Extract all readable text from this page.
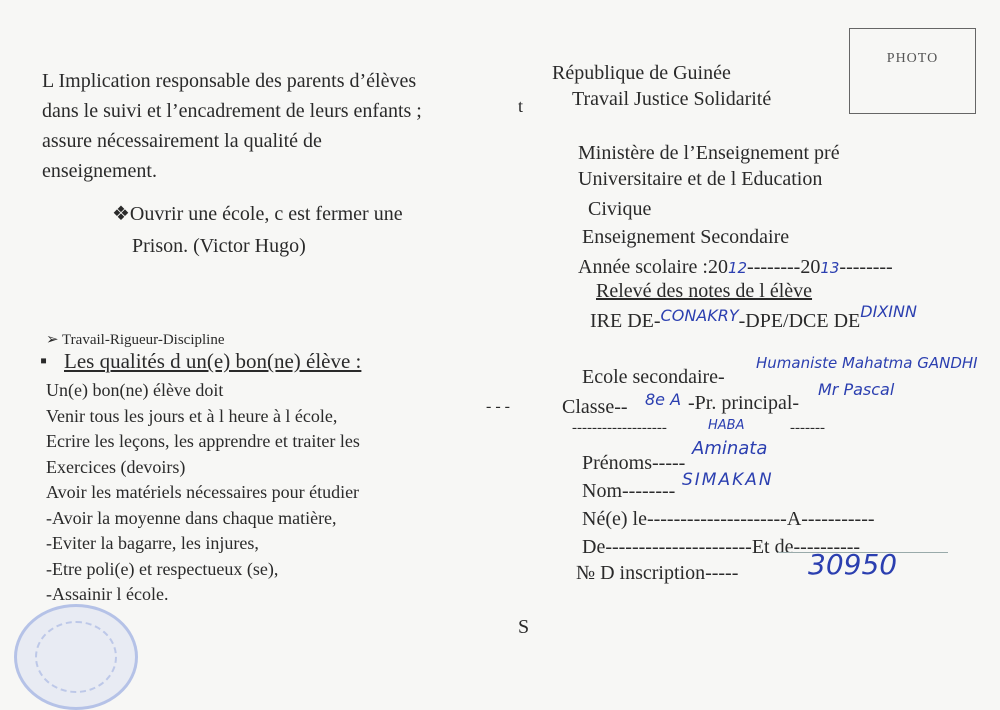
L Implication responsable des parents d’élèves
dans le suivi et l’encadrement de leurs enfants ;
assure nécessairement la qualité de
enseignement.
t
❖Ouvrir une école, c est fermer une
Prison. (Victor Hugo)
➢ Travail-Rigueur-Discipline
▪ Les qualités d un(e) bon(ne) élève :
Un(e) bon(ne) élève doit
Venir tous les jours et à l heure à l école,
Ecrire les leçons, les apprendre et traiter les
Exercices (devoirs)
Avoir les matériels nécessaires pour étudier
-Avoir la moyenne dans chaque matière,
-Eviter la bagarre, les injures,
-Etre poli(e) et respectueux (se),
-Assainir l école.
- - -
S
PHOTO
République de Guinée
Travail Justice Solidarité
Ministère de l’Enseignement pré
Universitaire et de l Education
Civique
Enseignement Secondaire
Année scolaire :2012--------2013--------
Relevé des notes de l élève
IRE DE-$^{CONAKRY}$-DPE/DCE $DE^{DIXINN}$
Ecole secondaire-
Humaniste Mahatma GANDHI
Classe-- 8e A -Pr. principal-
Mr Pascal
-------------------	HABA	-------
Prénoms-----
Aminata
Nom-------- SIMAKAN
Né(e) le---------------------A-----------
De----------------------Et de----------
№ D inscription----- 30950
